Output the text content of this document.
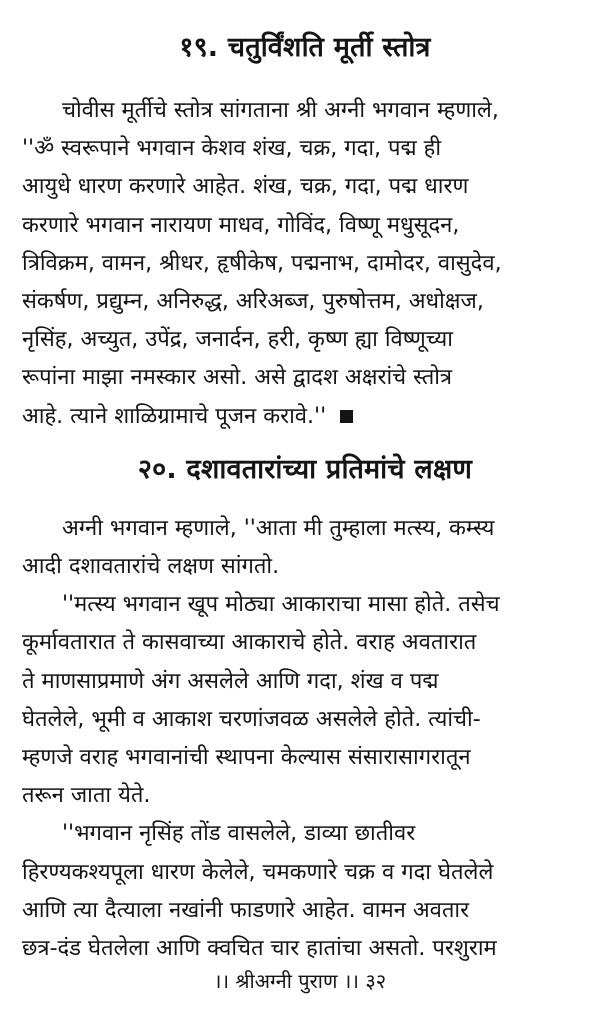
१९. चतुर्विंशति मूर्ती स्तोत्र

चोवीस मूर्तीचे स्तोत्र सांगताना श्री अग्नी भगवान म्हणाले,
''ॐ स्वरूपाने भगवान केशव शंख, चक्र, गदा, पद्म ही
आयुधे धारण करणारे आहेत. शंख, चक्र, गदा, पद्म धारण
करणारे भगवान नारायण माधव, गोविंद, विष्णू मधुसूदन,
त्रिविक्रम, वामन, श्रीधर, हृषीकेष, पद्मनाभ, दामोदर, वासुदेव,
संकर्षण, प्रद्युम्न, अनिरुद्ध, अरिअब्ज, पुरुषोत्तम, अधोक्षज,
नृसिंह, अच्युत, उपेंद्र, जनार्दन, हरी, कृष्ण ह्या विष्णूच्या
रूपांना माझा नमस्कार असो. असे द्वादश अक्षरांचे स्तोत्र
आहे. त्याने शाळिग्रामाचे पूजन करावे.''

२०. दशावतारांच्या प्रतिमांचे लक्षण

अग्नी भगवान म्हणाले, ''आता मी तुम्हाला मत्स्य, कम्स्य
आदी दशावतारांचे लक्षण सांगतो.

''मत्स्य भगवान खूप मोठ्या आकाराचा मासा होते. तसेच
कूर्मावतारात ते कासवाच्या आकाराचे होते. वराह अवतारात
ते माणसाप्रमाणे अंग असलेले आणि गदा, शंख व पद्म
घेतलेले, भूमी व आकाश चरणांजवळ असलेले होते. त्यांची-
म्हणजे वराह भगवानांची स्थापना केल्यास संसारासागरातून
तरून जाता येते.

''भगवान नृसिंह तोंड वासलेले, डाव्या छातीवर
हिरण्यकश्यपूला धारण केलेले, चमकणारे चक्र व गदा घेतलेले
आणि त्या दैत्याला नखांनी फाडणारे आहेत. वामन अवतार
छत्र-दंड घेतलेला आणि क्वचित चार हातांचा असतो. परशुराम

।। श्रीअग्नी पुराण ।। ३२
